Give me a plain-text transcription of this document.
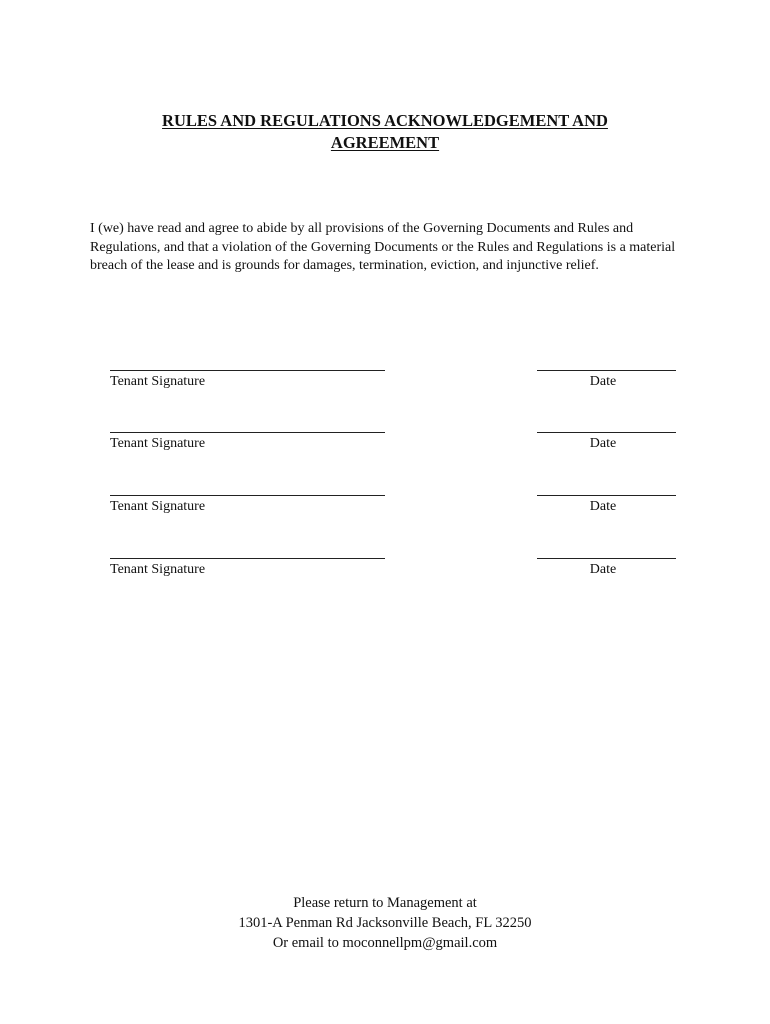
RULES AND REGULATIONS ACKNOWLEDGEMENT AND
AGREEMENT
I (we) have read and agree to abide by all provisions of the Governing Documents and Rules and Regulations, and that a violation of the Governing Documents or the Rules and Regulations is a material breach of the lease and is grounds for damages, termination, eviction, and injunctive relief.
Tenant Signature	Date
Tenant Signature	Date
Tenant Signature	Date
Tenant Signature	Date
Please return to Management at
1301-A Penman Rd Jacksonville Beach, FL 32250
Or email to moconnellpm@gmail.com
